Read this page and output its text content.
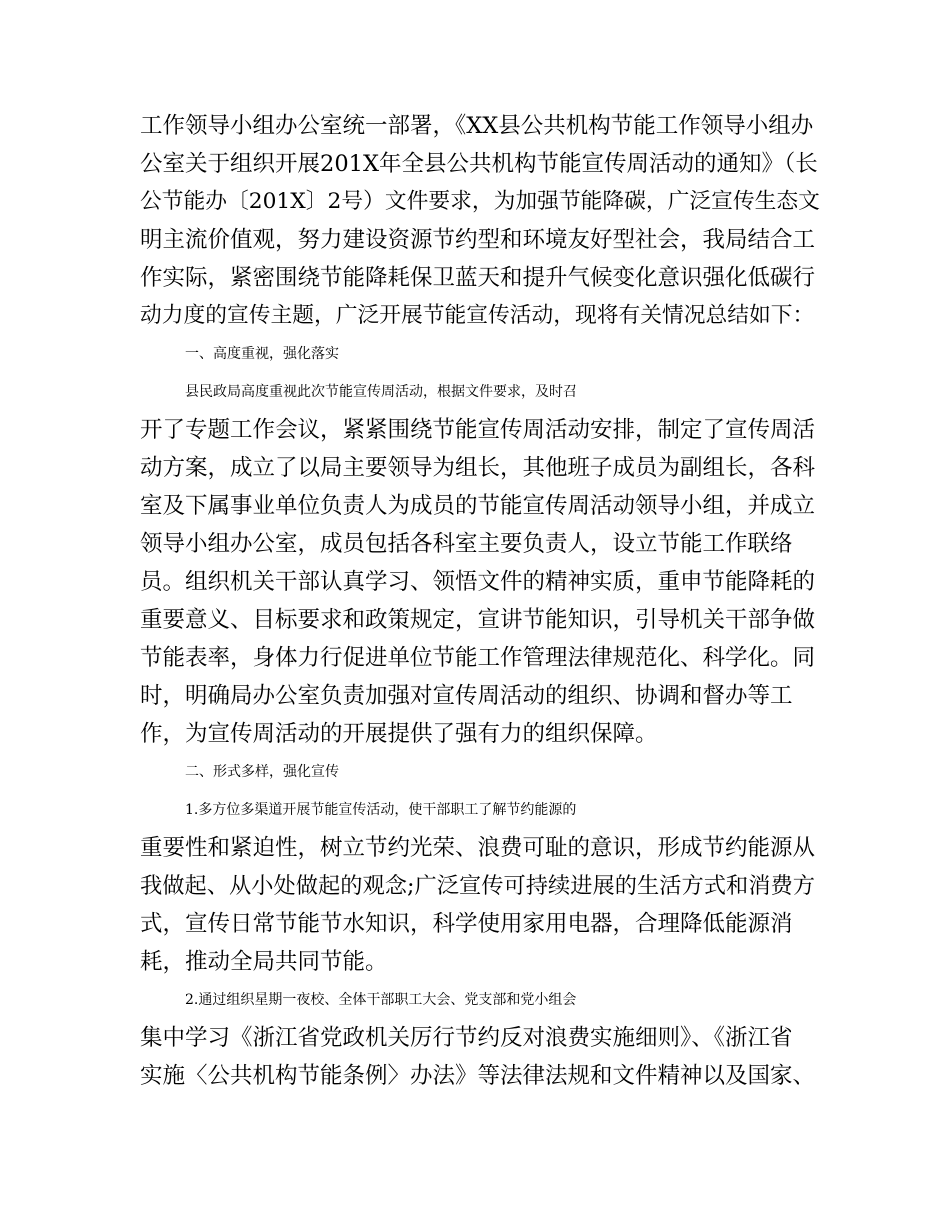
工作领导小组办公室统一部署，《XX县公共机构节能工作领导小组办
公室关于组织开展201X年全县公共机构节能宣传周活动的通知》（长
公节能办〔201X〕2号）文件要求，为加强节能降碳，广泛宣传生态文
明主流价值观，努力建设资源节约型和环境友好型社会，我局结合工
作实际，紧密围绕节能降耗保卫蓝天和提升气候变化意识强化低碳行
动力度的宣传主题，广泛开展节能宣传活动，现将有关情况总结如下：
一、高度重视，强化落实
县民政局高度重视此次节能宣传周活动，根据文件要求，及时召
开了专题工作会议，紧紧围绕节能宣传周活动安排，制定了宣传周活
动方案，成立了以局主要领导为组长，其他班子成员为副组长，各科
室及下属事业单位负责人为成员的节能宣传周活动领导小组，并成立
领导小组办公室，成员包括各科室主要负责人，设立节能工作联络
员。组织机关干部认真学习、领悟文件的精神实质，重申节能降耗的
重要意义、目标要求和政策规定，宣讲节能知识，引导机关干部争做
节能表率，身体力行促进单位节能工作管理法律规范化、科学化。同
时，明确局办公室负责加强对宣传周活动的组织、协调和督办等工
作，为宣传周活动的开展提供了强有力的组织保障。
二、形式多样，强化宣传
1.多方位多渠道开展节能宣传活动，使干部职工了解节约能源的
重要性和紧迫性，树立节约光荣、浪费可耻的意识，形成节约能源从
我做起、从小处做起的观念;广泛宣传可持续进展的生活方式和消费方
式，宣传日常节能节水知识，科学使用家用电器，合理降低能源消
耗，推动全局共同节能。
2.通过组织星期一夜校、全体干部职工大会、党支部和党小组会
集中学习《浙江省党政机关厉行节约反对浪费实施细则》、《浙江省
实施〈公共机构节能条例〉办法》等法律法规和文件精神以及国家、
